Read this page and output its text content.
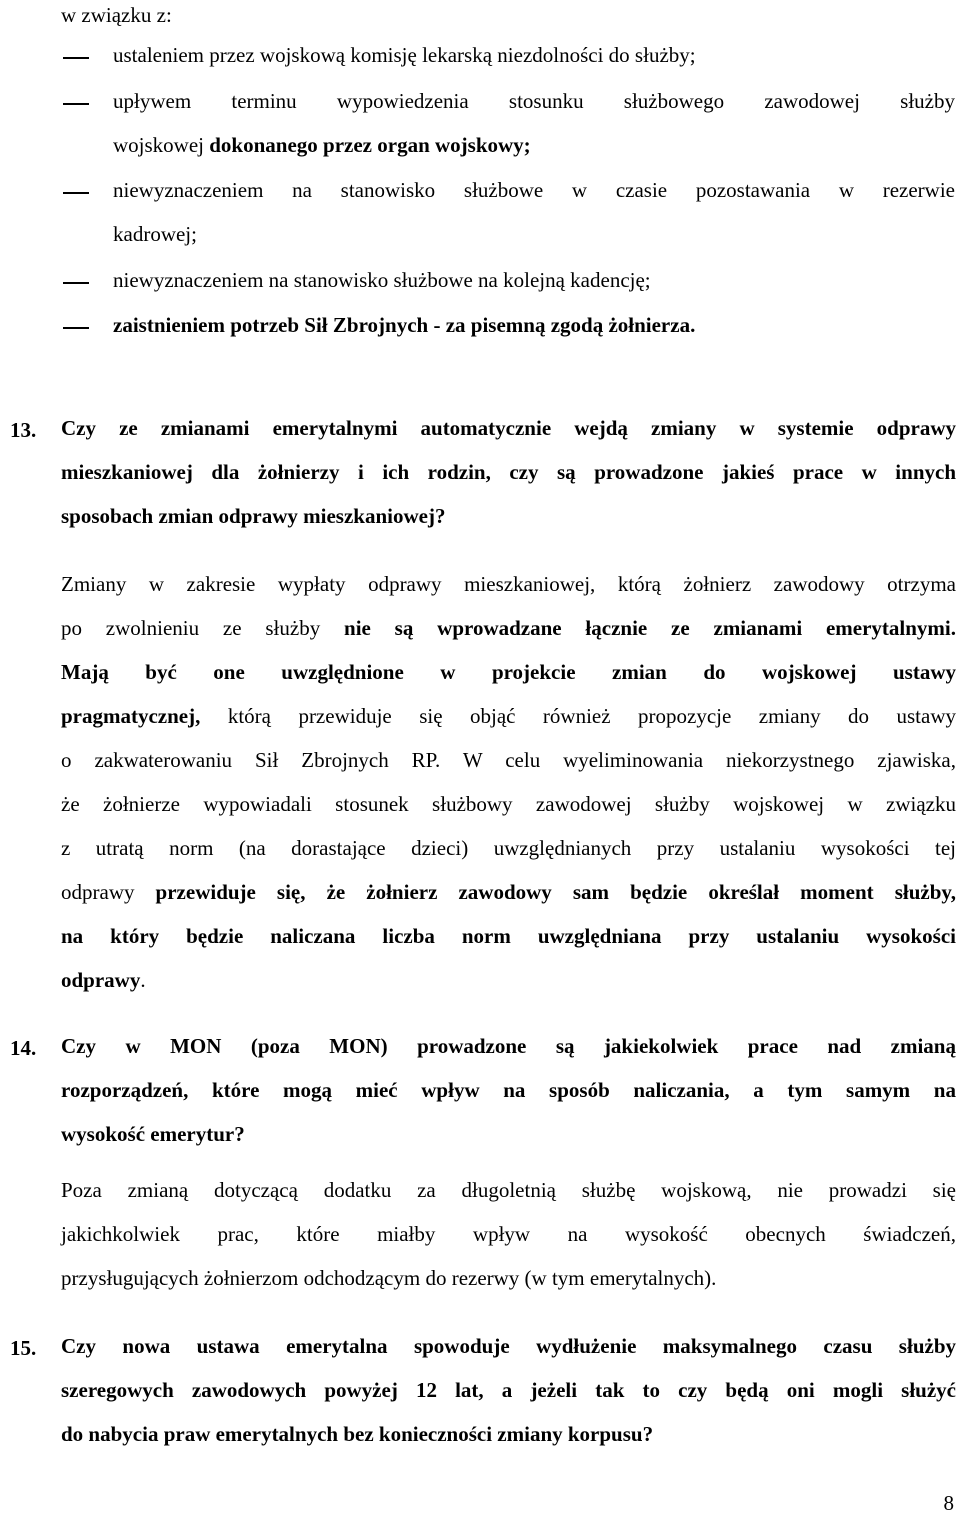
w związku z:
ustaleniem przez wojskową komisję lekarską niezdolności do służby;
upływem terminu wypowiedzenia stosunku służbowego zawodowej służby
wojskowej dokonanego przez organ wojskowy;
niewyznaczeniem na stanowisko służbowe w czasie pozostawania w rezerwie
kadrowej;
niewyznaczeniem na stanowisko służbowe na kolejną kadencję;
zaistnieniem potrzeb Sił Zbrojnych - za pisemną zgodą żołnierza.
13. Czy ze zmianami emerytalnymi automatycznie wejdą zmiany w systemie odprawy
mieszkaniowej dla żołnierzy i ich rodzin, czy są prowadzone jakieś prace w innych
sposobach zmian odprawy mieszkaniowej?
Zmiany w zakresie wypłaty odprawy mieszkaniowej, którą żołnierz zawodowy otrzyma
po zwolnieniu ze służby nie są wprowadzane łącznie ze zmianami emerytalnymi.
Mają być one uwzględnione w projekcie zmian do wojskowej ustawy
pragmatycznej, którą przewiduje się objąć również propozycje zmiany do ustawy
o zakwaterowaniu Sił Zbrojnych RP. W celu wyeliminowania niekorzystnego zjawiska,
że żołnierze wypowiadali stosunek służbowy zawodowej służby wojskowej w związku
z utratą norm (na dorastające dzieci) uwzględnianych przy ustalaniu wysokości tej
odprawy przewiduje się, że żołnierz zawodowy sam będzie określał moment służby,
na który będzie naliczana liczba norm uwzględniana przy ustalaniu wysokości
odprawy.
14. Czy w MON (poza MON) prowadzone są jakiekolwiek prace nad zmianą
rozporządzeń, które mogą mieć wpływ na sposób naliczania, a tym samym na
wysokość emerytur?
Poza zmianą dotyczącą dodatku za długoletnią służbę wojskową, nie prowadzi się
jakichkolwiek prac, które miałby wpływ na wysokość obecnych świadczeń,
przysługujących żołnierzom odchodzącym do rezerwy (w tym emerytalnych).
15. Czy nowa ustawa emerytalna spowoduje wydłużenie maksymalnego czasu służby
szeregowych zawodowych powyżej 12 lat, a jeżeli tak to czy będą oni mogli służyć
do nabycia praw emerytalnych bez konieczności zmiany korpusu?
8
